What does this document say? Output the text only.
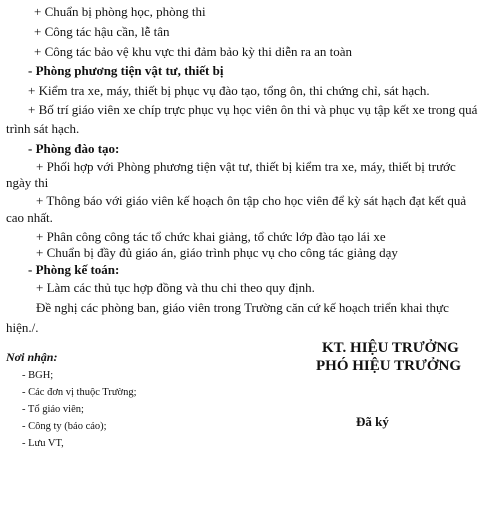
+ Chuẩn bị phòng học, phòng thi
+ Công tác hậu cần, lễ tân
+ Công tác bảo vệ khu vực thi đảm bảo kỳ thi diễn ra an toàn
- Phòng phương tiện vật tư, thiết bị
+ Kiểm tra xe, máy, thiết bị phục vụ đào tạo, tổng ôn, thi chứng chỉ, sát hạch.
+ Bố trí giáo viên xe chíp trực phục vụ học viên ôn thi và phục vụ tập kết xe trong quá
trình sát hạch.
- Phòng đào tạo:
+ Phối hợp với Phòng phương tiện vật tư, thiết bị kiểm tra xe, máy, thiết bị trước
ngày thi
+ Thông báo với giáo viên kế hoạch ôn tập cho học viên để kỳ sát hạch đạt kết quả
cao nhất.
+ Phân công công tác tổ chức khai giảng, tổ chức lớp đào tạo lái xe
+ Chuẩn bị đầy đủ giáo án, giáo trình phục vụ cho công tác giảng dạy
- Phòng kế toán:
+ Làm các thủ tục hợp đồng và thu chi theo quy định.
Đề nghị các phòng ban, giáo viên trong Trường căn cứ kế hoạch triển khai thực
hiện./.
Nơi nhận:
- BGH;
- Các đơn vị thuộc Trường;
- Tổ giáo viên;
- Công ty (báo cáo);
- Lưu VT,
KT. HIỆU TRƯỞNG
PHÓ HIỆU TRƯỞNG
Đã ký
